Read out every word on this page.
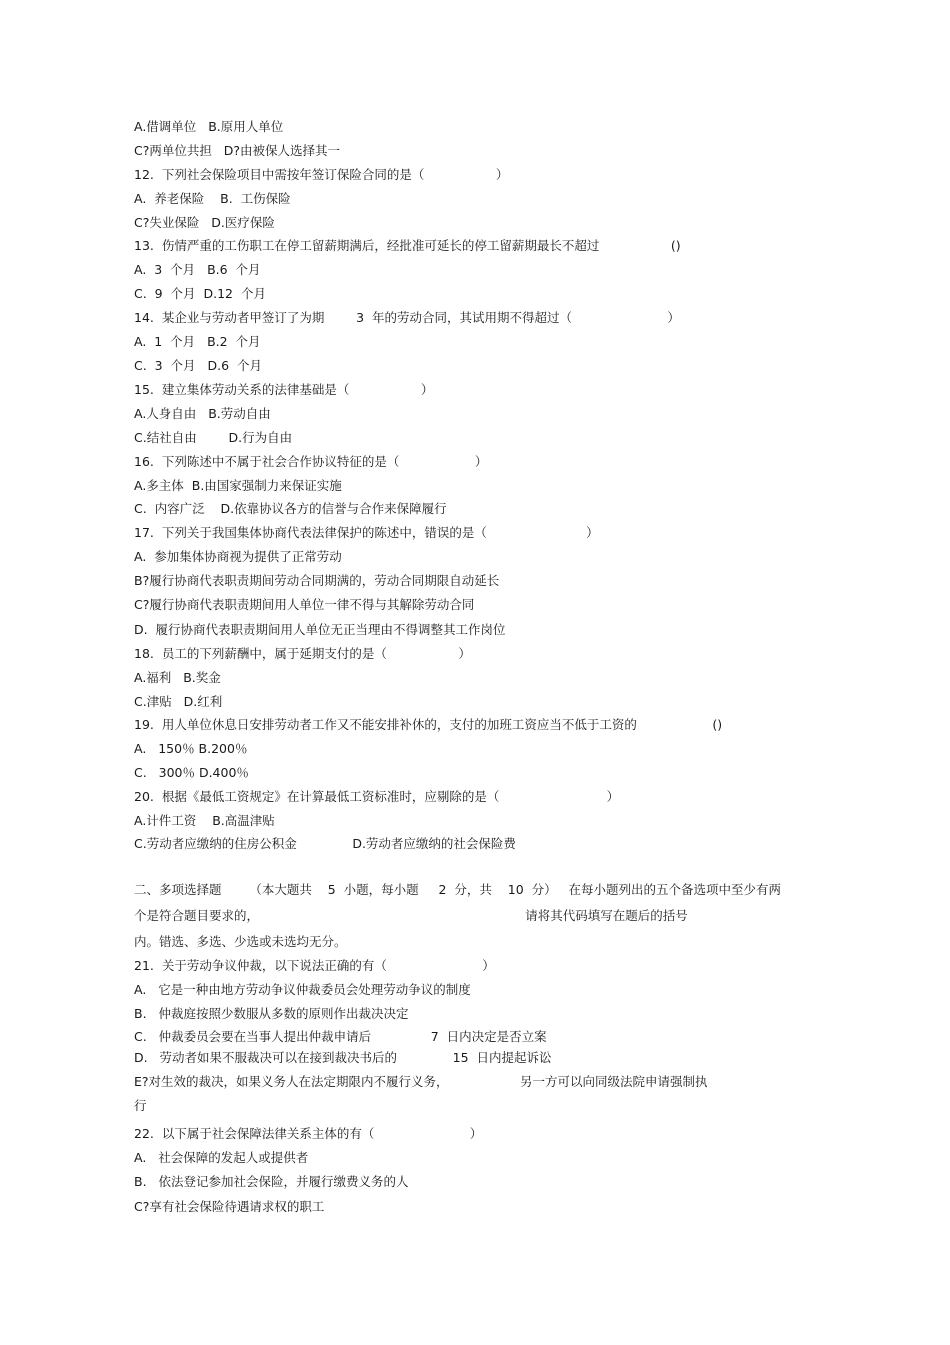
A.借调单位   B.原用人单位
C?两单位共担   D?由被保人选择其一
12.  下列社会保险项目中需按年签订保险合同的是（                  ）
A.  养老保险    B.  工伤保险
C?失业保险   D.医疗保险
13.  伤情严重的工伤职工在停工留薪期满后，经批准可延长的停工留薪期最长不超过                  ()
A.  3  个月   B.6  个月
C.  9  个月  D.12  个月
14.  某企业与劳动者甲签订了为期        3  年的劳动合同，其试用期不得超过（                        ）
A.  1  个月   B.2  个月
C.  3  个月   D.6  个月
15.  建立集体劳动关系的法律基础是（                  ）
A.人身自由   B.劳动自由
C.结社自由        D.行为自由
16.  下列陈述中不属于社会合作协议特征的是（                   ）
A.多主体  B.由国家强制力来保证实施
C.  内容广泛    D.依靠协议各方的信誉与合作来保障履行
17.  下列关于我国集体协商代表法律保护的陈述中，错误的是（                         ）
A.  参加集体协商视为提供了正常劳动
B?履行协商代表职责期间劳动合同期满的，劳动合同期限自动延长
C?履行协商代表职责期间用人单位一律不得与其解除劳动合同
D.  履行协商代表职责期间用人单位无正当理由不得调整其工作岗位
18.  员工的下列薪酬中，属于延期支付的是（                  ）
A.福利   B.奖金
C.津贴   D.红利
19.  用人单位休息日安排劳动者工作又不能安排补休的，支付的加班工资应当不低于工资的                   ()
A.   150％ B.200％
C.   300％ D.400％
20.  根据《最低工资规定》在计算最低工资标准时，应剔除的是（                           ）
A.计件工资    B.高温津贴
C.劳动者应缴纳的住房公积金              D.劳动者应缴纳的社会保险费
二、多项选择题       （本大题共    5  小题，每小题     2  分，共    10  分）   在每小题列出的五个备选项中至少有两
个是符合题目要求的，                                                                   请将其代码填写在题后的括号
内。错选、多选、少选或未选均无分。
21.  关于劳动争议仲裁，以下说法正确的有（                        ）
A.   它是一种由地方劳动争议仲裁委员会处理劳动争议的制度
B.   仲裁庭按照少数服从多数的原则作出裁决决定
C.   仲裁委员会要在当事人提出仲裁申请后               7  日内决定是否立案
D.   劳动者如果不服裁决可以在接到裁决书后的              15  日内提起诉讼
E?对生效的裁决，如果义务人在法定期限内不履行义务，                  另一方可以向同级法院申请强制执
行
22.  以下属于社会保障法律关系主体的有（                        ）
A.   社会保障的发起人或提供者
B.   依法登记参加社会保险，并履行缴费义务的人
C?享有社会保险待遇请求权的职工
